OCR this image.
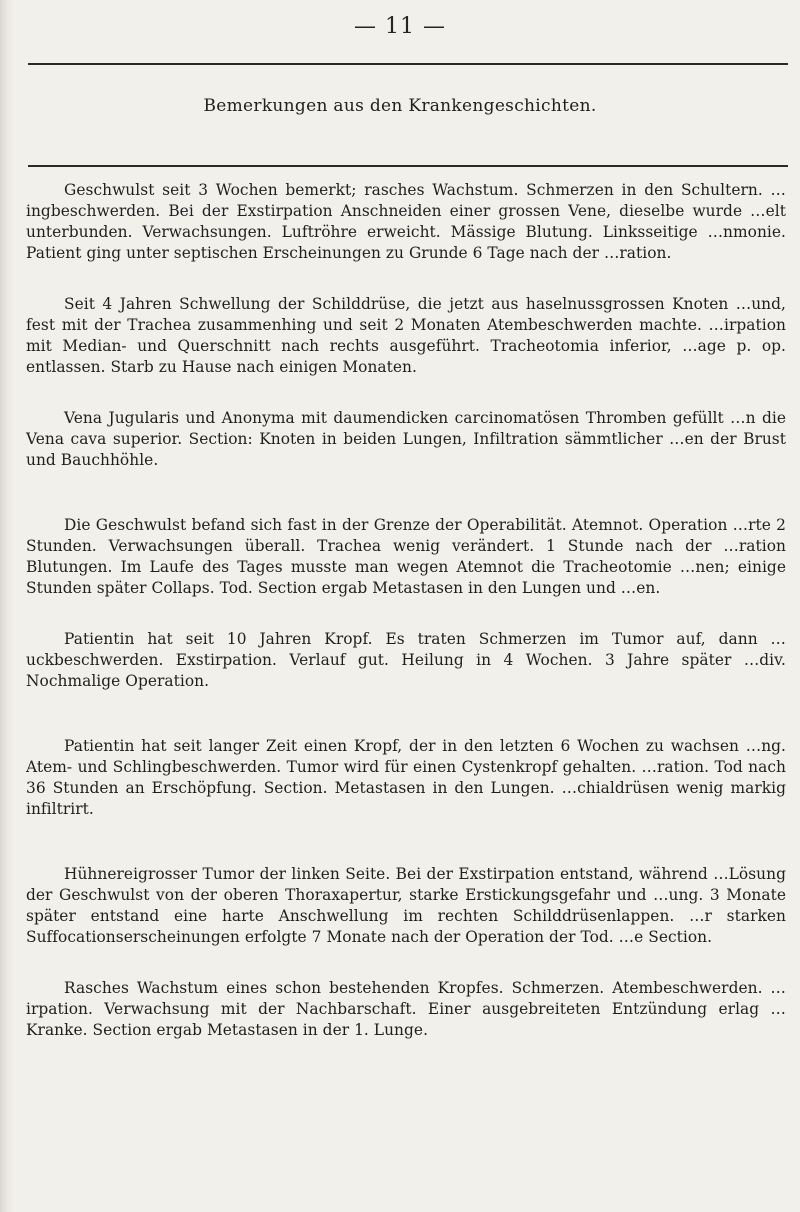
— 11 —
Bemerkungen aus den Krankengeschichten.

Geschwulst seit 3 Wochen bemerkt; rasches Wachstum. Schmerzen in den Schultern. …ingbeschwerden. Bei der Exstirpation Anschneiden einer grossen Vene, dieselbe wurde …elt unterbunden. Verwachsungen. Luftröhre erweicht. Mässige Blutung. Linksseitige …nmonie. Patient ging unter septischen Erscheinungen zu Grunde 6 Tage nach der …ration.

Seit 4 Jahren Schwellung der Schilddrüse, die jetzt aus haselnussgrossen Knoten …und, fest mit der Trachea zusammenhing und seit 2 Monaten Atembeschwerden machte. …irpation mit Median- und Querschnitt nach rechts ausgeführt. Tracheotomia inferior, …age p. op. entlassen. Starb zu Hause nach einigen Monaten.

Vena Jugularis und Anonyma mit daumendicken carcinomatösen Thromben gefüllt …n die Vena cava superior. Section: Knoten in beiden Lungen, Infiltration sämmtlicher …en der Brust und Bauchhöhle.

Die Geschwulst befand sich fast in der Grenze der Operabilität. Atemnot. Operation …rte 2 Stunden. Verwachsungen überall. Trachea wenig verändert. 1 Stunde nach der …ration Blutungen. Im Laufe des Tages musste man wegen Atemnot die Tracheotomie …nen; einige Stunden später Collaps. Tod. Section ergab Metastasen in den Lungen und …en.

Patientin hat seit 10 Jahren Kropf. Es traten Schmerzen im Tumor auf, dann …uckbeschwerden. Exstirpation. Verlauf gut. Heilung in 4 Wochen. 3 Jahre später …div. Nochmalige Operation.

Patientin hat seit langer Zeit einen Kropf, der in den letzten 6 Wochen zu wachsen …ng. Atem- und Schlingbeschwerden. Tumor wird für einen Cystenkropf gehalten. …ration. Tod nach 36 Stunden an Erschöpfung. Section. Metastasen in den Lungen. …chialdrüsen wenig markig infiltrirt.

Hühnereigrosser Tumor der linken Seite. Bei der Exstirpation entstand, während …Lösung der Geschwulst von der oberen Thoraxapertur, starke Erstickungsgefahr und …ung. 3 Monate später entstand eine harte Anschwellung im rechten Schilddrüsenlappen. …r starken Suffocationserscheinungen erfolgte 7 Monate nach der Operation der Tod. …e Section.

Rasches Wachstum eines schon bestehenden Kropfes. Schmerzen. Atembeschwerden. …irpation. Verwachsung mit der Nachbarschaft. Einer ausgebreiteten Entzündung erlag …Kranke. Section ergab Metastasen in der 1. Lunge.
